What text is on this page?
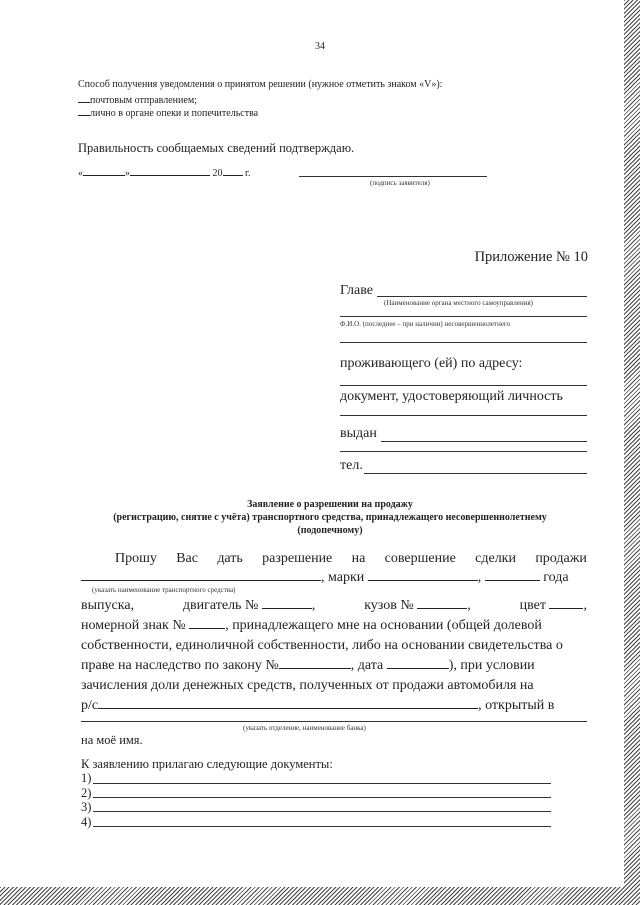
34
Способ получения уведомления о принятом решении (нужное отметить знаком «V»):
почтовым отправлением;
лично в органе опеки и попечительства
Правильность сообщаемых сведений подтверждаю.
«	»	20 г.
(подпись заявителя)
Приложение № 10
Главе
(Наименование органа местного самоуправления)
Ф.И.О. (последнее – при наличии) несовершеннолетнего
проживающего (ей) по адресу:
документ, удостоверяющий личность
выдан
тел.
Заявление о разрешении на продажу
(регистрацию, снятие с учёта) транспортного средства, принадлежащего несовершеннолетнему
(подопечному)
Прошу Вас дать разрешение на совершение сделки продажи
, марки	,	года
(указать наименование транспортного средства)
выпуска,	двигатель №	,	кузов №	,	цвет	,
номерной знак №	, принадлежащего мне на основании (общей долевой
собственности, единоличной собственности, либо на основании свидетельства о
праве на наследство по закону №	, дата	), при условии
зачисления доли денежных средств, полученных от продажи автомобиля на
р/с	, открытый в
(указать отделение, наименование банка)
на моё имя.
К заявлению прилагаю следующие документы:
1)
2)
3)
4)
